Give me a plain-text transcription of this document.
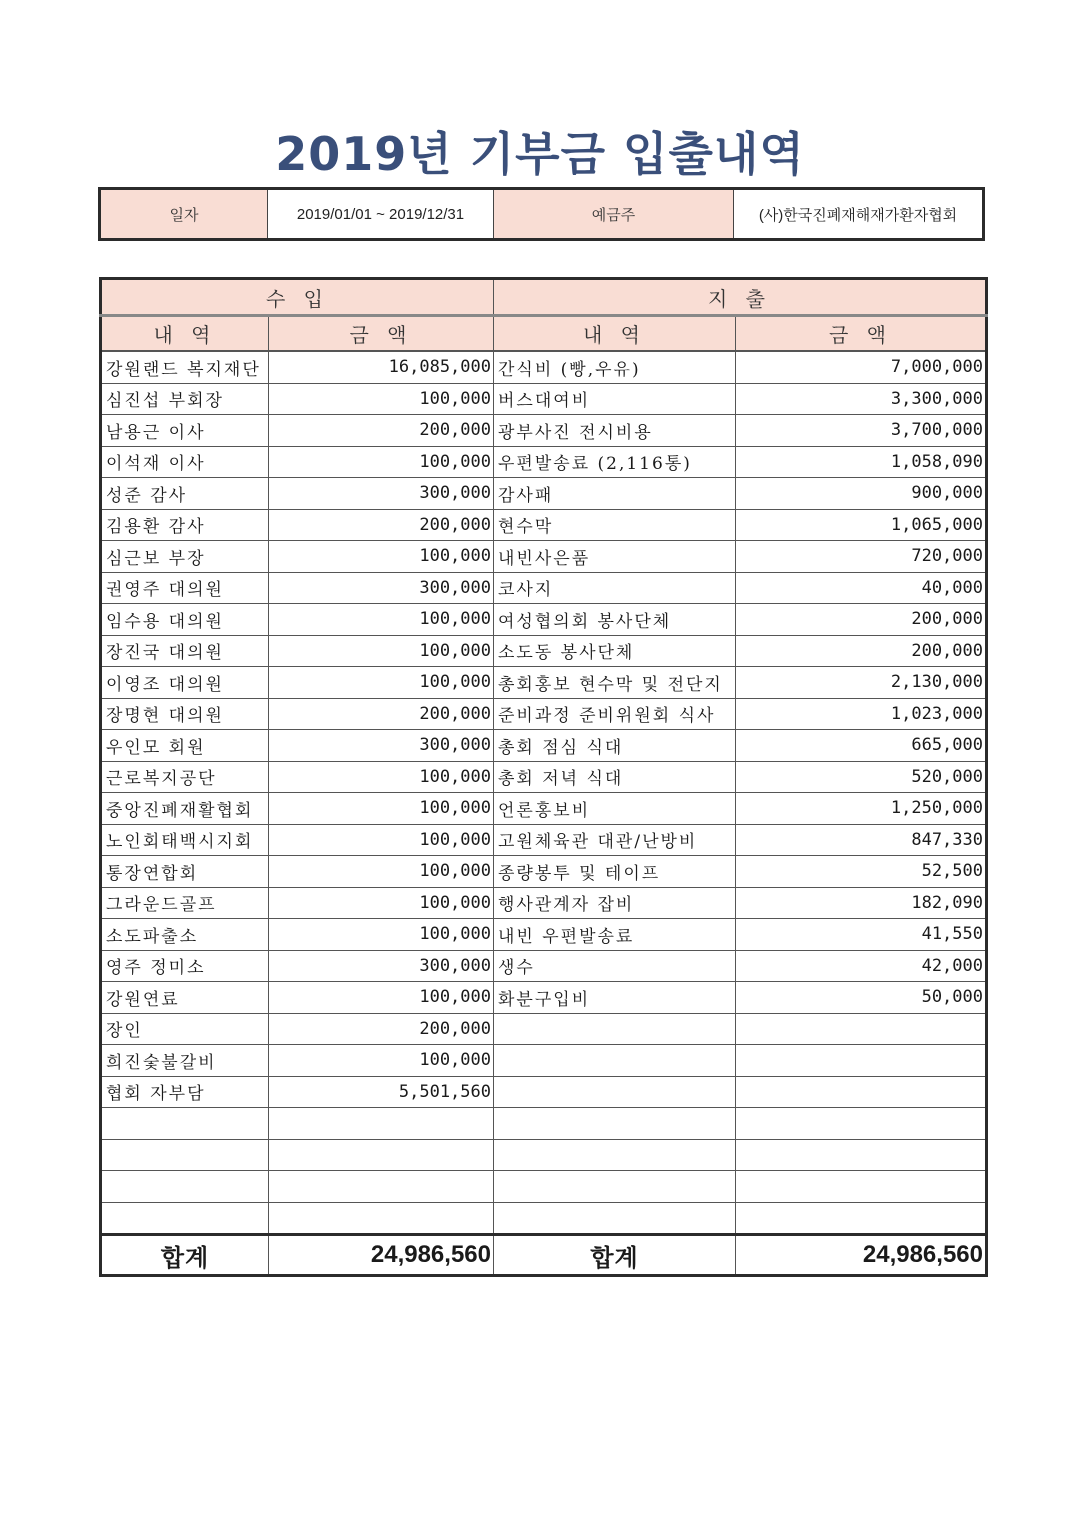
2019년 기부금 입출내역
일자	2019/01/01 ~ 2019/12/31	예금주	(사)한국진폐재해재가환자협회
수 입		지 출	
내 역	금 액	내 역	금 액
강원랜드 복지재단	16,085,000	간식비 (빵,우유)	7,000,000
심진섭 부회장	100,000	버스대여비	3,300,000
남용근 이사	200,000	광부사진 전시비용	3,700,000
이석재 이사	100,000	우편발송료 (2,116통)	1,058,090
성준 감사	300,000	감사패	900,000
김용환 감사	200,000	현수막	1,065,000
심근보 부장	100,000	내빈사은품	720,000
권영주 대의원	300,000	코사지	40,000
임수용 대의원	100,000	여성협의회 봉사단체	200,000
장진국 대의원	100,000	소도동 봉사단체	200,000
이영조 대의원	100,000	총회홍보 현수막 및 전단지	2,130,000
장명현 대의원	200,000	준비과정 준비위원회 식사	1,023,000
우인모 회원	300,000	총회 점심 식대	665,000
근로복지공단	100,000	총회 저녁 식대	520,000
중앙진폐재활협회	100,000	언론홍보비	1,250,000
노인회태백시지회	100,000	고원체육관 대관/난방비	847,330
통장연합회	100,000	종량봉투 및 테이프	52,500
그라운드골프	100,000	행사관계자 잡비	182,090
소도파출소	100,000	내빈 우편발송료	41,550
영주 정미소	300,000	생수	42,000
강원연료	100,000	화분구입비	50,000
장인	200,000		
희진숯불갈비	100,000		
협회 자부담	5,501,560		

합계	24,986,560	합계	24,986,560
